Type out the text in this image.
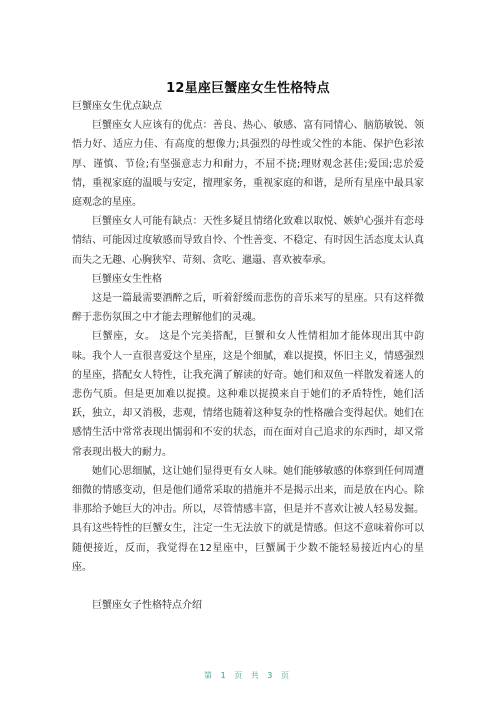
12星座巨蟹座女生性格特点

巨蟹座女生优点缺点

巨蟹座女人应该有的优点：善良、热心、敏感、富有同情心、脑筋敏锐、领悟力好、适应力佳、有高度的想像力;具强烈的母性或父性的本能、保护色彩浓厚、谨慎、节俭;有坚强意志力和耐力，不屈不挠;理财观念甚佳;爱国;忠於爱情，重视家庭的温暖与安定，擅理家务，重视家庭的和谐，是所有星座中最具家庭观念的星座。

巨蟹座女人可能有缺点：天性多疑且情绪化致难以取悦、嫉妒心强并有恋母情结、可能因过度敏感而导致自怜、个性善变、不稳定、有时因生活态度太认真而失之无趣、心胸狭窄、苛刻、贪吃、邋遢、喜欢被奉承。

巨蟹座女生性格

这是一篇最需要酒醉之后，听着舒缓而悲伤的音乐来写的星座。只有这样微醉于悲伤氛围之中才能去理解他们的灵魂。

巨蟹座，女。 这是个完美搭配，巨蟹和女人性情相加才能体现出其中韵味。我个人一直很喜爱这个星座，这是个细腻，难以捉摸，怀旧主义，情感强烈的星座，搭配女人特性，让我充满了解读的好奇。她们和双鱼一样散发着迷人的悲伤气质。但是更加难以捉摸。这种难以捉摸来自于她们的矛盾特性，她们活跃，独立，却又消极，悲观，情绪也随着这种复杂的性格融合变得起伏。她们在感情生活中常常表现出懦弱和不安的状态，而在面对自己追求的东西时，却又常常表现出极大的耐力。

她们心思细腻，这让她们显得更有女人味。她们能够敏感的体察到任何周遭细微的情感变动，但是他们通常采取的措施并不是揭示出来，而是放在内心。除非那给予她巨大的冲击。所以，尽管情感丰富，但是并不喜欢让被人轻易发掘。具有这些特性的巨蟹女生，注定一生无法放下的就是情感。但这不意味着你可以随便接近，反而，我觉得在12星座中，巨蟹属于少数不能轻易接近内心的星座。

巨蟹座女子性格特点介绍

第 1 页 共 3 页
